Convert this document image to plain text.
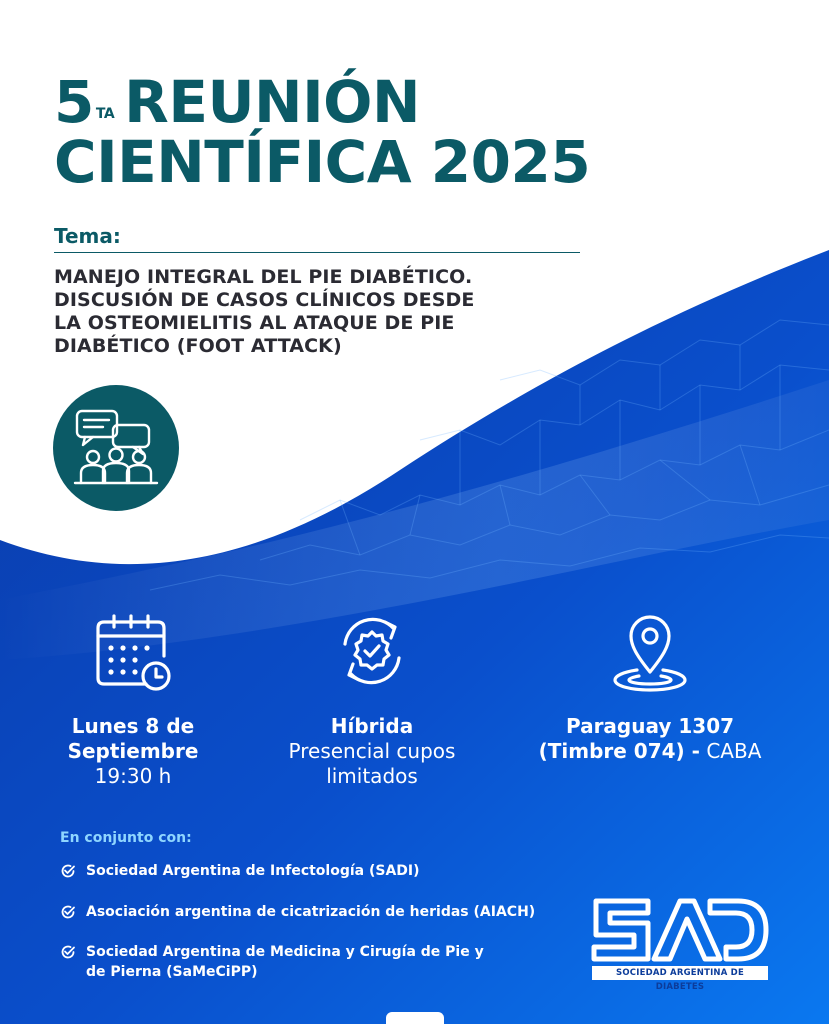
5 $^{TA}$ REUNIÓN
CIENTÍFICA 2025
Tema:
MANEJO INTEGRAL DEL PIE DIABÉTICO.
DISCUSIÓN DE CASOS CLÍNICOS DESDE
LA OSTEOMIELITIS AL ATAQUE DE PIE
DIABÉTICO (FOOT ATTACK)
Lunes 8 de
Septiembre
19:30 h
Híbrida
Presencial cupos
limitados
Paraguay 1307
(Timbre 074) - CABA
En conjunto con:
Sociedad Argentina de Infectología (SADI)
Asociación argentina de cicatrización de heridas (AIACH)
Sociedad Argentina de Medicina y Cirugía de Pie y de Pierna (SaMeCiPP)	SOCIEDAD ARGENTINA DE DIABETES
